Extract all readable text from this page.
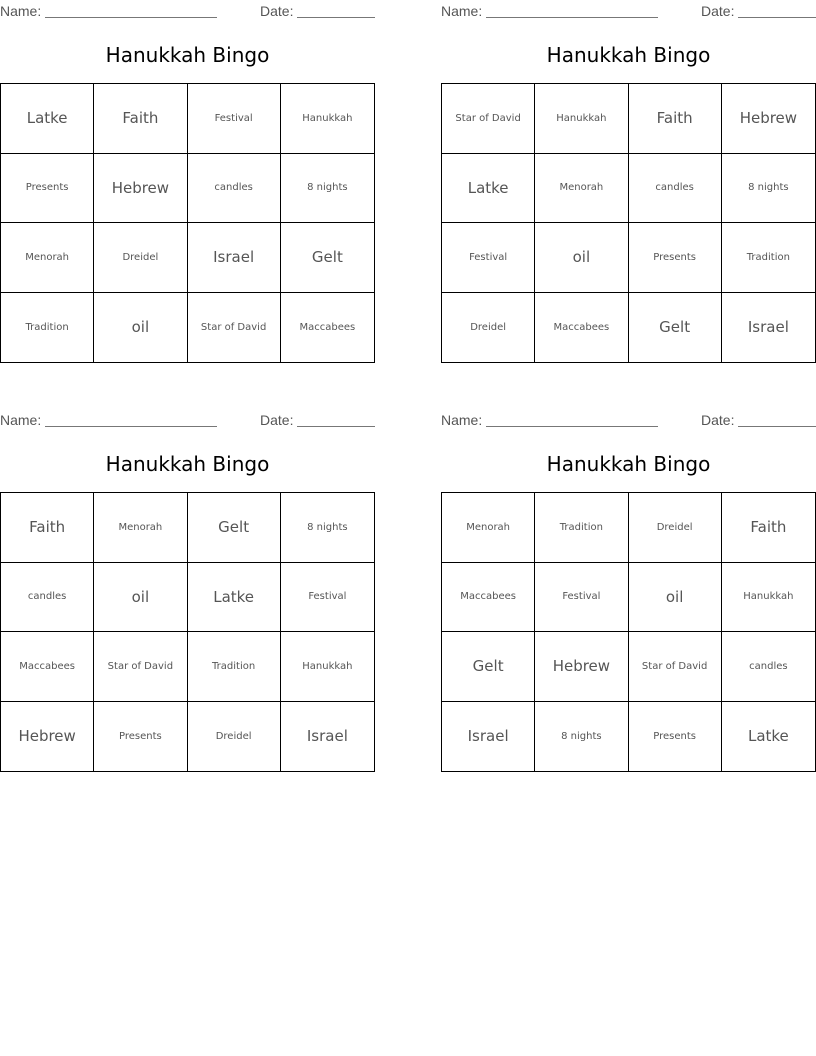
Name:	Date:
Hanukkah Bingo
Latke	Faith	Festival	Hanukkah
Presents	Hebrew	candles	8 nights
Menorah	Dreidel	Israel	Gelt
Tradition	oil	Star of David	Maccabees
Name:	Date:
Hanukkah Bingo
Star of David	Hanukkah	Faith	Hebrew
Latke	Menorah	candles	8 nights
Festival	oil	Presents	Tradition
Dreidel	Maccabees	Gelt	Israel
Name:	Date:
Hanukkah Bingo
Faith	Menorah	Gelt	8 nights
candles	oil	Latke	Festival
Maccabees	Star of David	Tradition	Hanukkah
Hebrew	Presents	Dreidel	Israel
Name:	Date:
Hanukkah Bingo
Menorah	Tradition	Dreidel	Faith
Maccabees	Festival	oil	Hanukkah
Gelt	Hebrew	Star of David	candles
Israel	8 nights	Presents	Latke
